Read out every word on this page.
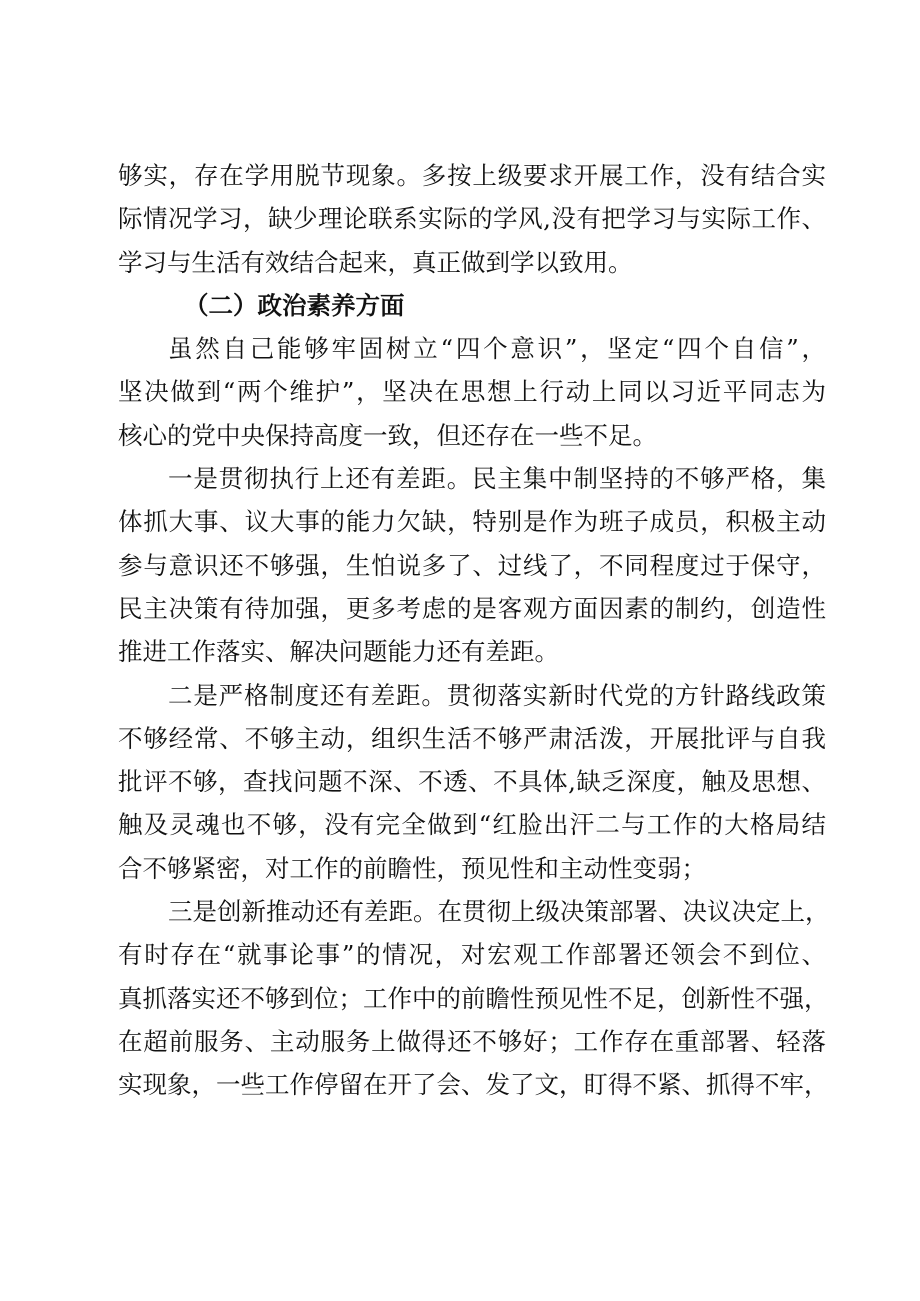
够实，存在学用脱节现象。多按上级要求开展工作，没有结合实
际情况学习，缺少理论联系实际的学风,没有把学习与实际工作、
学习与生活有效结合起来，真正做到学以致用。
（二）政治素养方面
虽然自己能够牢固树立“四个意识”，坚定“四个自信”，
坚决做到“两个维护”，坚决在思想上行动上同以习近平同志为
核心的党中央保持高度一致，但还存在一些不足。
一是贯彻执行上还有差距。民主集中制坚持的不够严格，集
体抓大事、议大事的能力欠缺，特别是作为班子成员，积极主动
参与意识还不够强，生怕说多了、过线了，不同程度过于保守，
民主决策有待加强，更多考虑的是客观方面因素的制约，创造性
推进工作落实、解决问题能力还有差距。
二是严格制度还有差距。贯彻落实新时代党的方针路线政策
不够经常、不够主动，组织生活不够严肃活泼，开展批评与自我
批评不够，查找问题不深、不透、不具体,缺乏深度，触及思想、
触及灵魂也不够，没有完全做到“红脸出汗二与工作的大格局结
合不够紧密，对工作的前瞻性，预见性和主动性变弱；
三是创新推动还有差距。在贯彻上级决策部署、决议决定上，
有时存在“就事论事”的情况，对宏观工作部署还领会不到位、
真抓落实还不够到位；工作中的前瞻性预见性不足，创新性不强，
在超前服务、主动服务上做得还不够好；工作存在重部署、轻落
实现象，一些工作停留在开了会、发了文，盯得不紧、抓得不牢，
